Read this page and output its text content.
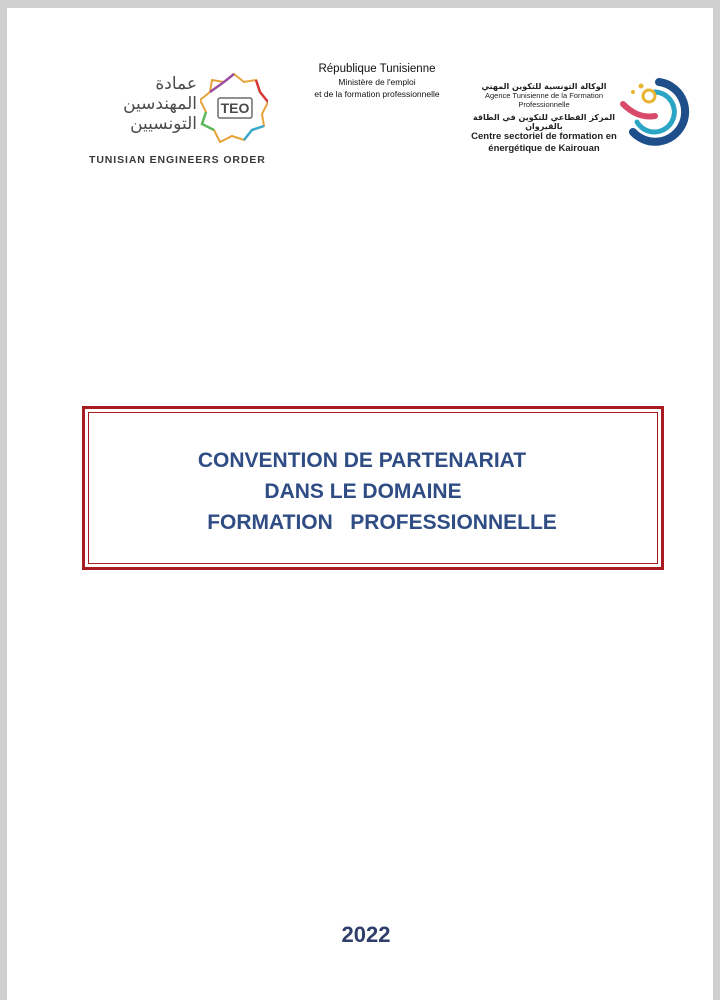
عمادة
المهندسين
التونسيين
TEO
TUNISIAN ENGINEERS ORDER
République Tunisienne
Ministère de l'emploi
et de la formation professionnelle
الوكالة التونسية للتكوين المهني
Agence Tunisienne de la Formation Professionnelle
المركز القطاعي للتكوين في الطاقة بالقيروان
Centre sectoriel de formation en
énergétique de Kairouan
CONVENTION DE PARTENARIAT
DANS LE DOMAINE
FORMATION   PROFESSIONNELLE
2022
